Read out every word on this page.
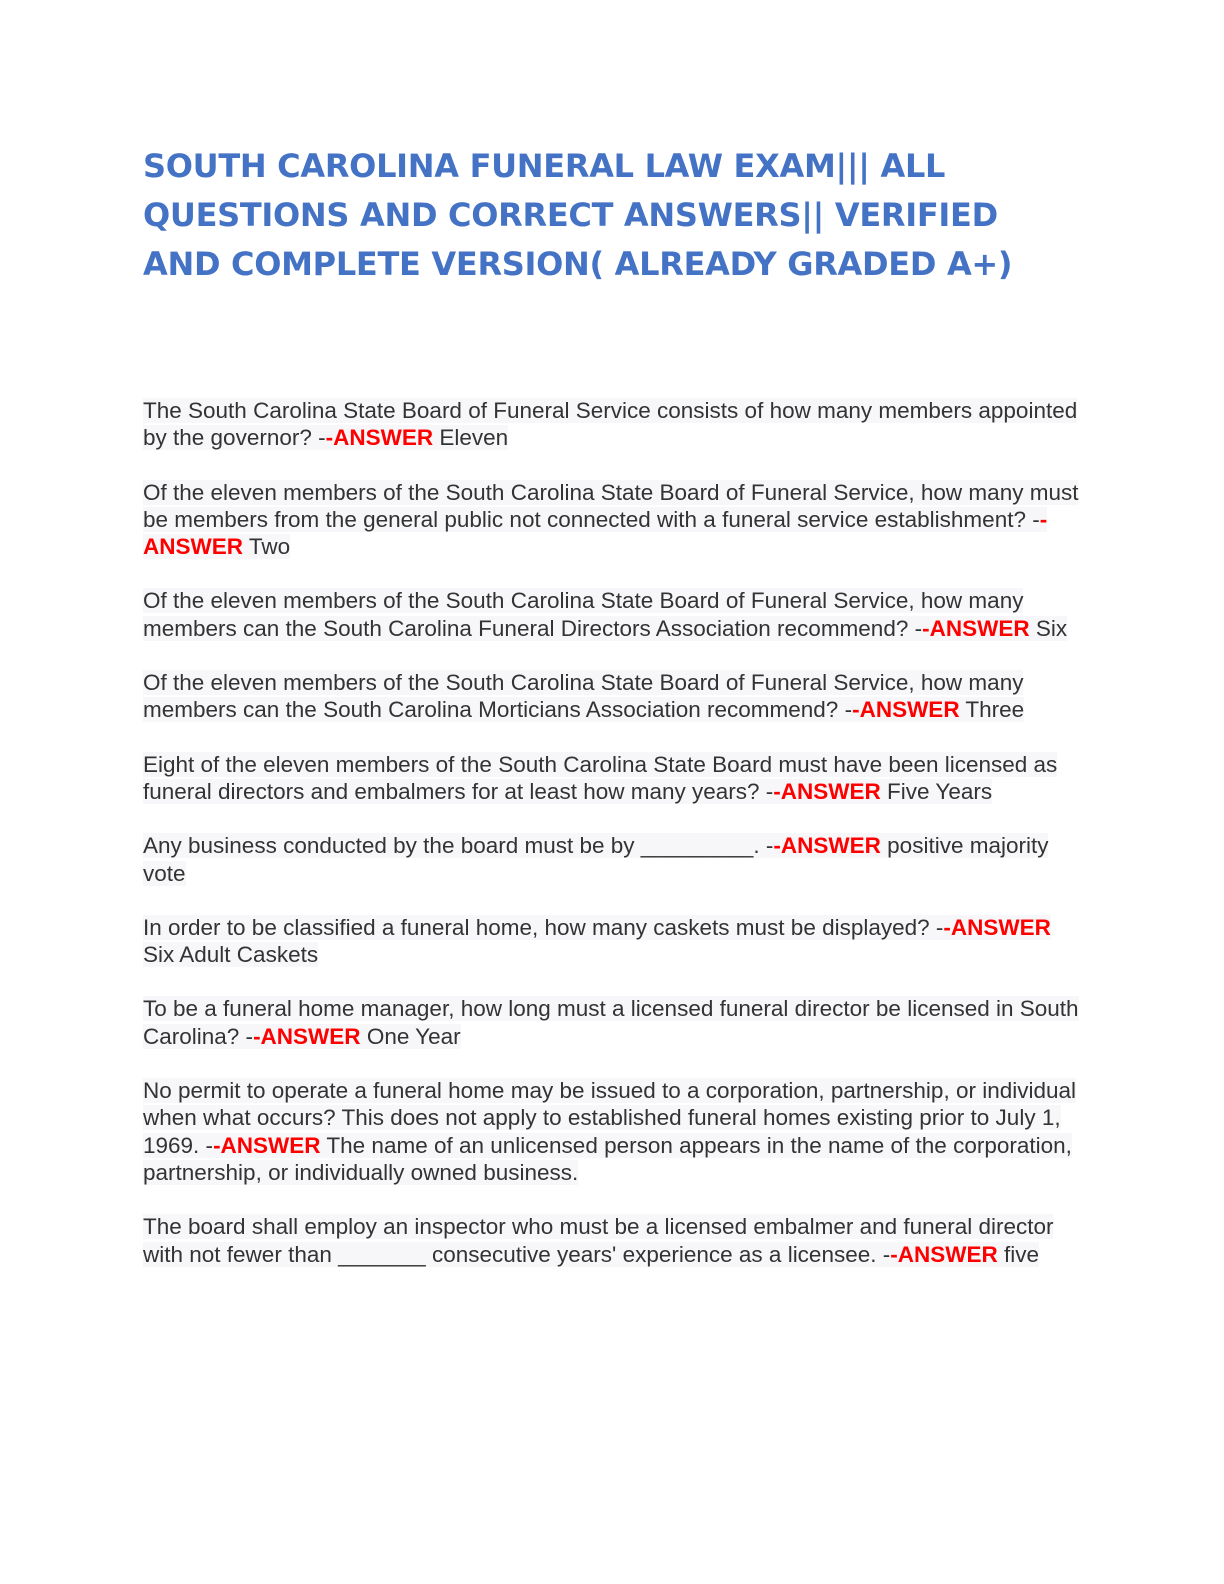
SOUTH CAROLINA FUNERAL LAW EXAM||| ALL
QUESTIONS AND CORRECT ANSWERS|| VERIFIED
AND COMPLETE VERSION( ALREADY GRADED A+)

The South Carolina State Board of Funeral Service consists of how many members appointed by the governor? --ANSWER Eleven

Of the eleven members of the South Carolina State Board of Funeral Service, how many must be members from the general public not connected with a funeral service establishment? --ANSWER Two

Of the eleven members of the South Carolina State Board of Funeral Service, how many members can the South Carolina Funeral Directors Association recommend? --ANSWER Six

Of the eleven members of the South Carolina State Board of Funeral Service, how many members can the South Carolina Morticians Association recommend? --ANSWER Three

Eight of the eleven members of the South Carolina State Board must have been licensed as funeral directors and embalmers for at least how many years? --ANSWER Five Years

Any business conducted by the board must be by _________. --ANSWER positive majority vote

In order to be classified a funeral home, how many caskets must be displayed? --ANSWER Six Adult Caskets

To be a funeral home manager, how long must a licensed funeral director be licensed in South Carolina? --ANSWER One Year

No permit to operate a funeral home may be issued to a corporation, partnership, or individual when what occurs? This does not apply to established funeral homes existing prior to July 1, 1969. --ANSWER The name of an unlicensed person appears in the name of the corporation, partnership, or individually owned business.

The board shall employ an inspector who must be a licensed embalmer and funeral director with not fewer than _______ consecutive years' experience as a licensee. --ANSWER five
